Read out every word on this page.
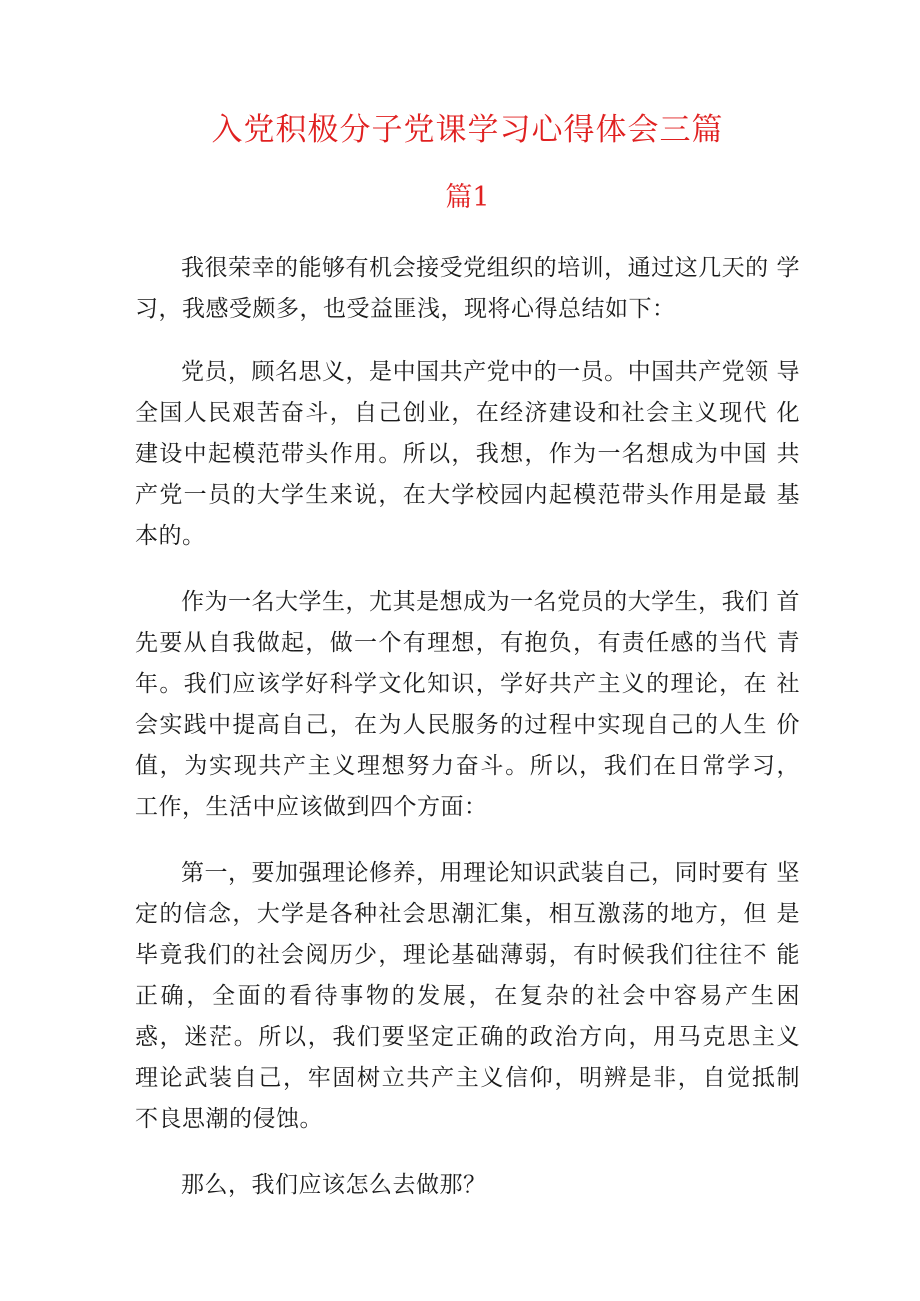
入党积极分子党课学习心得体会三篇
篇1

我很荣幸的能够有机会接受党组织的培训，通过这几天的 学习，我感受颇多，也受益匪浅，现将心得总结如下：

党员，顾名思义，是中国共产党中的一员。中国共产党领 导全国人民艰苦奋斗，自己创业，在经济建设和社会主义现代 化建设中起模范带头作用。所以，我想，作为一名想成为中国 共产党一员的大学生来说，在大学校园内起模范带头作用是最 基本的。

作为一名大学生，尤其是想成为一名党员的大学生，我们 首先要从自我做起，做一个有理想，有抱负，有责任感的当代 青年。我们应该学好科学文化知识，学好共产主义的理论，在 社会实践中提高自己，在为人民服务的过程中实现自己的人生 价值，为实现共产主义理想努力奋斗。所以，我们在日常学习， 工作，生活中应该做到四个方面：

第一，要加强理论修养，用理论知识武装自己，同时要有 坚定的信念，大学是各种社会思潮汇集，相互激荡的地方，但 是毕竟我们的社会阅历少，理论基础薄弱，有时候我们往往不 能正确，全面的看待事物的发展，在复杂的社会中容易产生困 惑，迷茫。所以，我们要坚定正确的政治方向，用马克思主义 理论武装自己，牢固树立共产主义信仰，明辨是非，自觉抵制 不良思潮的侵蚀。

那么，我们应该怎么去做那？
